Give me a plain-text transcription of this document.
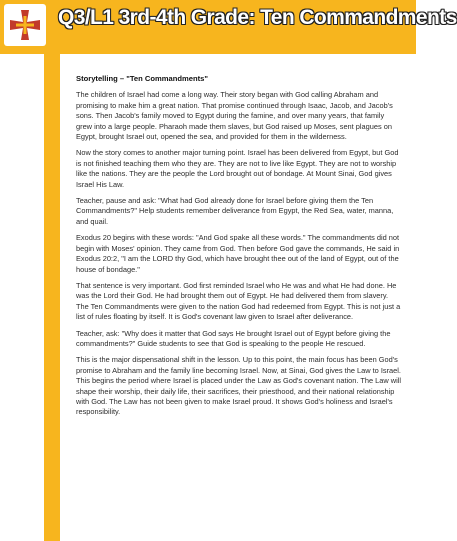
Q3/L1 3rd-4th Grade: Ten Commandments
Storytelling – "Ten Commandments"

The children of Israel had come a long way. Their story began with God calling Abraham and promising to make him a great nation. That promise continued through Isaac, Jacob, and Jacob's sons. Then Jacob's family moved to Egypt during the famine, and over many years, that family grew into a large people. Pharaoh made them slaves, but God raised up Moses, sent plagues on Egypt, brought Israel out, opened the sea, and provided for them in the wilderness.

Now the story comes to another major turning point. Israel has been delivered from Egypt, but God is not finished teaching them who they are. They are not to live like Egypt. They are not to worship like the nations. They are the people the Lord brought out of bondage. At Mount Sinai, God gives Israel His Law.

Teacher, pause and ask: "What had God already done for Israel before giving them the Ten Commandments?" Help students remember deliverance from Egypt, the Red Sea, water, manna, and quail.

Exodus 20 begins with these words: "And God spake all these words." The commandments did not begin with Moses' opinion. They came from God. Then before God gave the commands, He said in Exodus 20:2, "I am the LORD thy God, which have brought thee out of the land of Egypt, out of the house of bondage."

That sentence is very important. God first reminded Israel who He was and what He had done. He was the Lord their God. He had brought them out of Egypt. He had delivered them from slavery. The Ten Commandments were given to the nation God had redeemed from Egypt. This is not just a list of rules floating by itself. It is God's covenant law given to Israel after deliverance.

Teacher, ask: "Why does it matter that God says He brought Israel out of Egypt before giving the commandments?" Guide students to see that God is speaking to the people He rescued.

This is the major dispensational shift in the lesson. Up to this point, the main focus has been God's promise to Abraham and the family line becoming Israel. Now, at Sinai, God gives the Law to Israel. This begins the period where Israel is placed under the Law as God's covenant nation. The Law will shape their worship, their daily life, their sacrifices, their priesthood, and their national relationship with God. The Law has not been given to make Israel proud. It shows God's holiness and Israel's responsibility.
